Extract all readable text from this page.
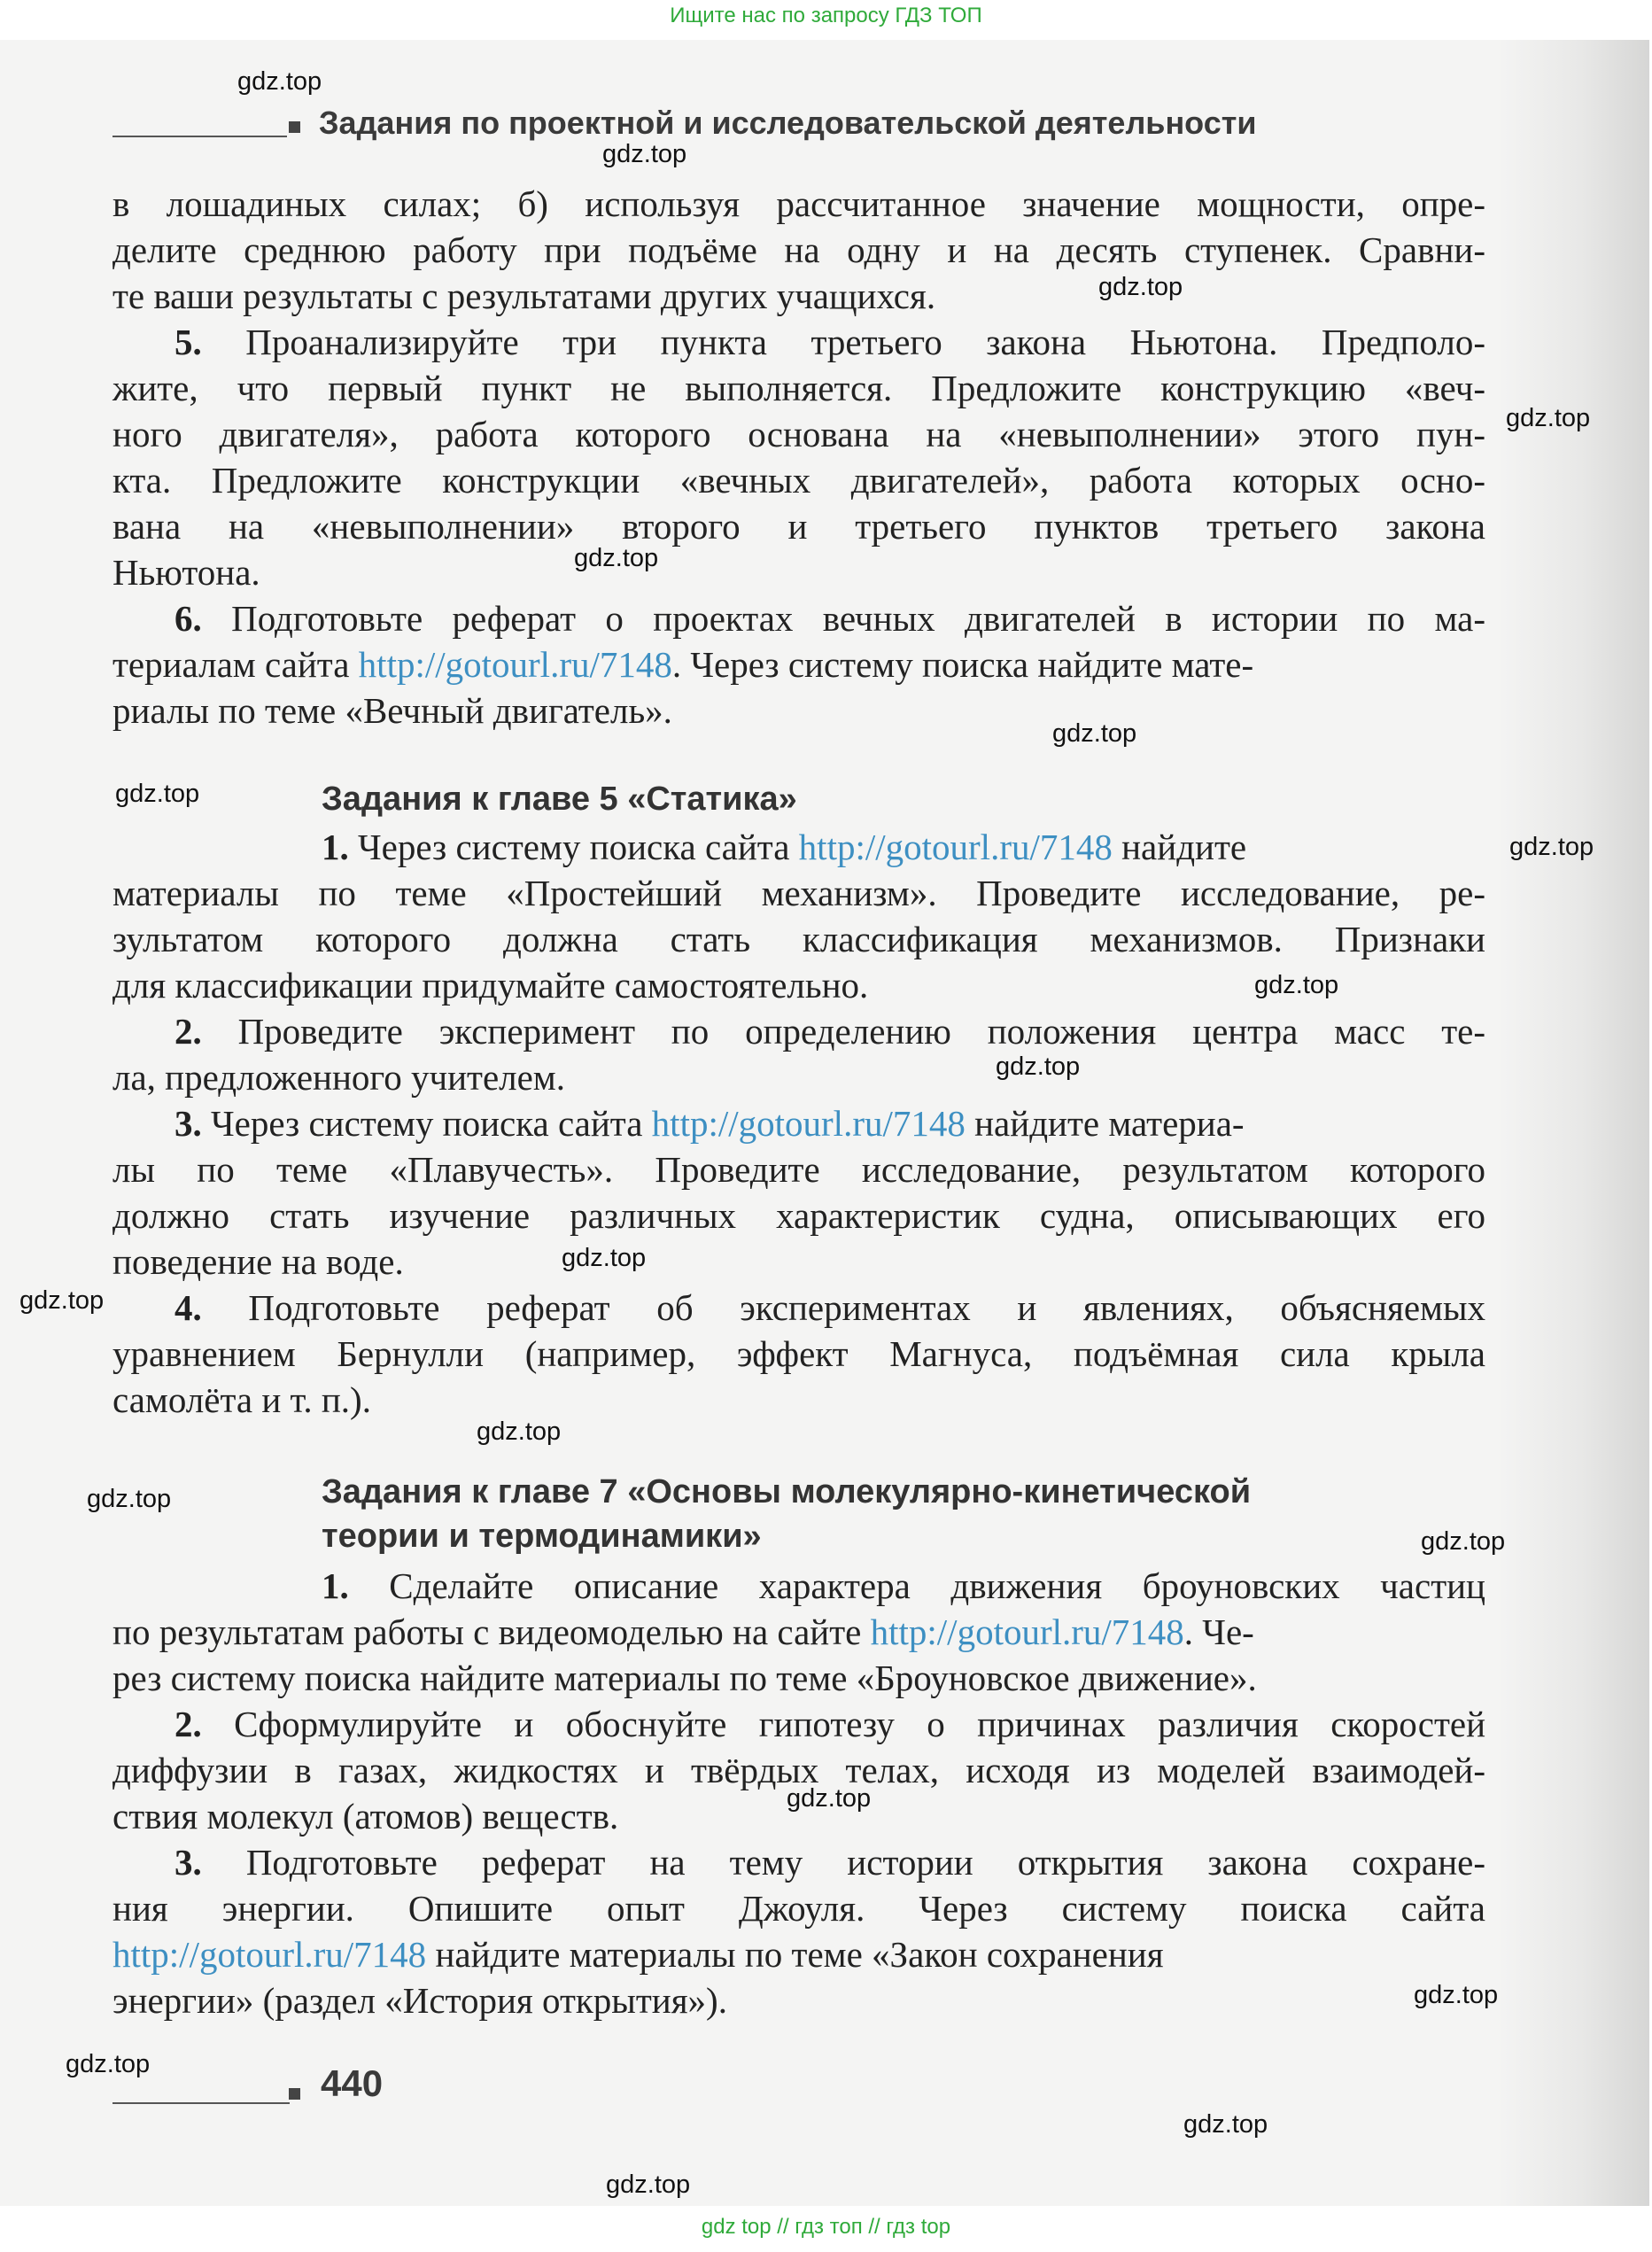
Ищите нас по запросу ГДЗ ТОП
Задания по проектной и исследовательской деятельности
в лошадиных силах; б) используя рассчитанное значение мощности, опре-
делите среднюю работу при подъёме на одну и на десять ступенек. Сравни-
те ваши результаты с результатами других учащихся.
5. Проанализируйте три пункта третьего закона Ньютона. Предполо-
жите, что первый пункт не выполняется. Предложите конструкцию «веч-
ного двигателя», работа которого основана на «невыполнении» этого пун-
кта. Предложите конструкции «вечных двигателей», работа которых осно-
вана на «невыполнении» второго и третьего пунктов третьего закона
Ньютона.
6. Подготовьте реферат о проектах вечных двигателей в истории по ма-
териалам сайта http://gotourl.ru/7148. Через систему поиска найдите мате-
риалы по теме «Вечный двигатель».
Задания к главе 5 «Статика»
1. Через систему поиска сайта http://gotourl.ru/7148 найдите
материалы по теме «Простейший механизм». Проведите исследование, ре-
зультатом которого должна стать классификация механизмов. Признаки
для классификации придумайте самостоятельно.
2. Проведите эксперимент по определению положения центра масс те-
ла, предложенного учителем.
3. Через систему поиска сайта http://gotourl.ru/7148 найдите материа-
лы по теме «Плавучесть». Проведите исследование, результатом которого
должно стать изучение различных характеристик судна, описывающих его
поведение на воде.
4. Подготовьте реферат об экспериментах и явлениях, объясняемых
уравнением Бернулли (например, эффект Магнуса, подъёмная сила крыла
самолёта и т. п.).
Задания к главе 7 «Основы молекулярно-кинетической
теории и термодинамики»
1. Сделайте описание характера движения броуновских частиц
по результатам работы с видеомоделью на сайте http://gotourl.ru/7148. Че-
рез систему поиска найдите материалы по теме «Броуновское движение».
2. Сформулируйте и обоснуйте гипотезу о причинах различия скоростей
диффузии в газах, жидкостях и твёрдых телах, исходя из моделей взаимодей-
ствия молекул (атомов) веществ.
3. Подготовьте реферат на тему истории открытия закона сохране-
ния энергии. Опишите опыт Джоуля. Через систему поиска сайта
http://gotourl.ru/7148 найдите материалы по теме «Закон сохранения
энергии» (раздел «История открытия»).
440
gdz.top
gdz.top
gdz.top
gdz.top
gdz.top
gdz.top
gdz.top
gdz.top
gdz.top
gdz.top
gdz.top
gdz.top
gdz.top
gdz.top
gdz.top
gdz.top
gdz.top
gdz.top
gdz.top
gdz.top
gdz top // гдз топ // гдз top
